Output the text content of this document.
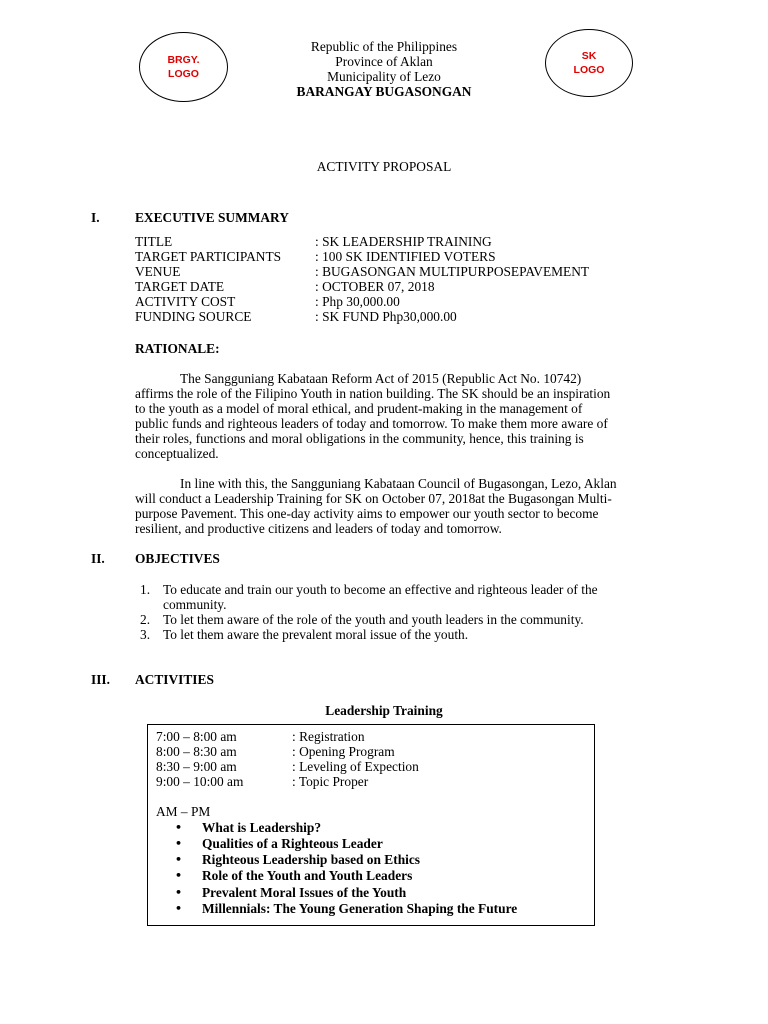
BRGY.
LOGO
SK
LOGO
Republic of the Philippines
Province of Aklan
Municipality of Lezo
BARANGAY BUGASONGAN
ACTIVITY PROPOSAL
I.	EXECUTIVE SUMMARY
TITLE	: SK LEADERSHIP TRAINING
TARGET PARTICIPANTS	: 100 SK IDENTIFIED VOTERS
VENUE	: BUGASONGAN MULTIPURPOSEPAVEMENT
TARGET DATE	: OCTOBER 07, 2018
ACTIVITY COST	: Php 30,000.00
FUNDING SOURCE	: SK FUND Php30,000.00
RATIONALE:
The Sangguniang Kabataan Reform Act of 2015 (Republic Act No. 10742)
affirms the role of the Filipino Youth in nation building. The SK should be an inspiration
to the youth as a model of moral ethical, and prudent-making in the management of
public funds and righteous leaders of today and tomorrow. To make them more aware of
their roles, functions and moral obligations in the community, hence, this training is
conceptualized.
In line with this, the Sangguniang Kabataan Council of Bugasongan, Lezo, Aklan
will conduct a Leadership Training for SK on October 07, 2018at the Bugasongan Multi-
purpose Pavement. This one-day activity aims to empower our youth sector to become
resilient, and productive citizens and leaders of today and tomorrow.
II. OBJECTIVES
1. To educate and train our youth to become an effective and righteous leader of the
community.
2. To let them aware of the role of the youth and youth leaders in the community.
3. To let them aware the prevalent moral issue of the youth.
III. ACTIVITIES
Leadership Training
7:00 – 8:00 am	: Registration
8:00 – 8:30 am	: Opening Program
8:30 – 9:00 am	: Leveling of Expection
9:00 – 10:00 am	: Topic Proper
AM – PM
• What is Leadership?
• Qualities of a Righteous Leader
• Righteous Leadership based on Ethics
• Role of the Youth and Youth Leaders
• Prevalent Moral Issues of the Youth
• Millennials: The Young Generation Shaping the Future
